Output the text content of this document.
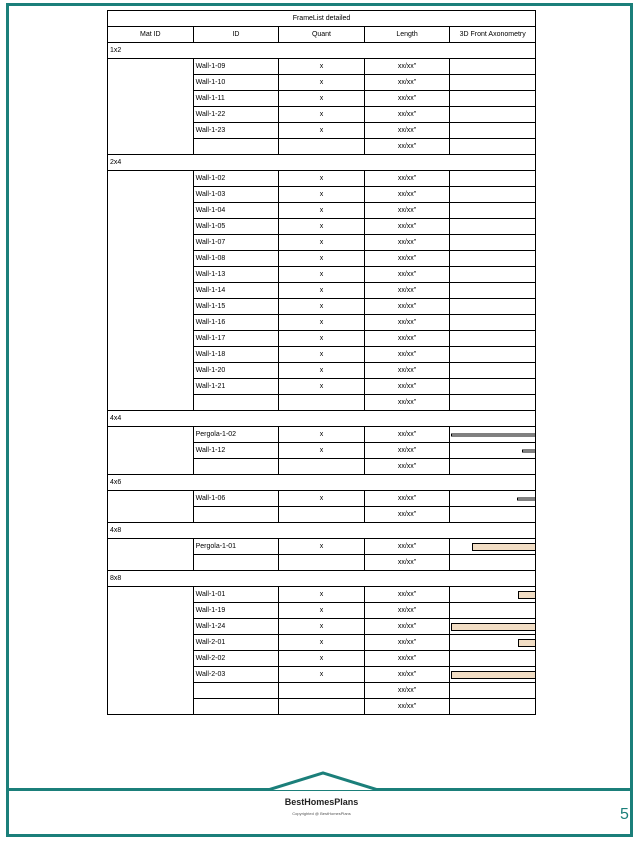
FrameList detailed				
Mat ID	ID	Quant	Length	3D Front Axonometry
1x2				
	Wall-1-09	x	xx/xx"	

	Wall-1-10	x	xx/xx"	

	Wall-1-11	x	xx/xx"	

	Wall-1-22	x	xx/xx"	

	Wall-1-23	x	xx/xx"	

			xx/xx"	
2x4				
	Wall-1-02	x	xx/xx"	

	Wall-1-03	x	xx/xx"	

	Wall-1-04	x	xx/xx"	

	Wall-1-05	x	xx/xx"	

	Wall-1-07	x	xx/xx"	

	Wall-1-08	x	xx/xx"	

	Wall-1-13	x	xx/xx"	

	Wall-1-14	x	xx/xx"	

	Wall-1-15	x	xx/xx"	

	Wall-1-16	x	xx/xx"	

	Wall-1-17	x	xx/xx"	

	Wall-1-18	x	xx/xx"	

	Wall-1-20	x	xx/xx"	

	Wall-1-21	x	xx/xx"	

			xx/xx"	
4x4				
	Pergola-1-02	x	xx/xx"	

	Wall-1-12	x	xx/xx"	

			xx/xx"	
4x6				
	Wall-1-06	x	xx/xx"	

			xx/xx"	
4x8				
	Pergola-1-01	x	xx/xx"	

			xx/xx"	
8x8				
	Wall-1-01	x	xx/xx"	

	Wall-1-19	x	xx/xx"	

	Wall-1-24	x	xx/xx"	

	Wall-2-01	x	xx/xx"	

	Wall-2-02	x	xx/xx"	

	Wall-2-03	x	xx/xx"	

			xx/xx"	
			xx/xx"	
BestHomesPlans
Copyrighted @ BestHomesPlans	5
